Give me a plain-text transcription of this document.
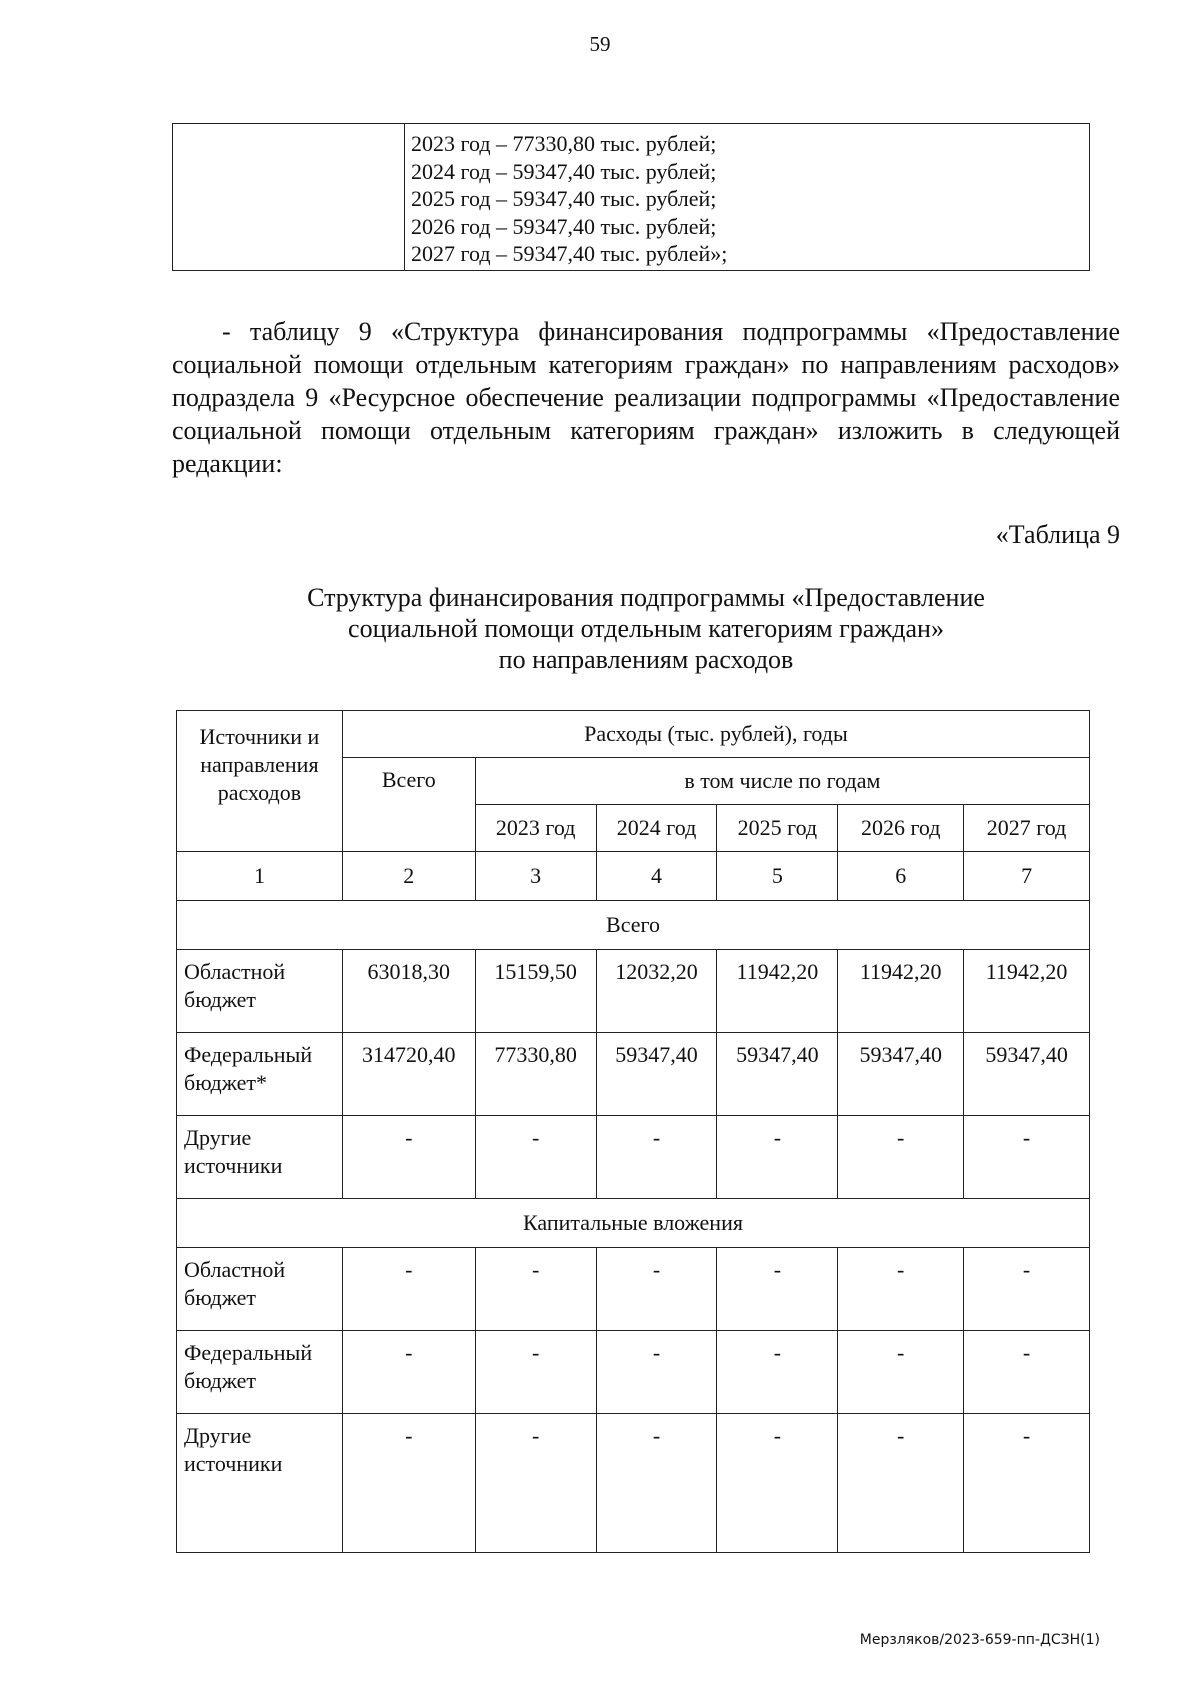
59

2023 год – 77330,80 тыс. рублей;
2024 год – 59347,40 тыс. рублей;
2025 год – 59347,40 тыс. рублей;
2026 год – 59347,40 тыс. рублей;
2027 год – 59347,40 тыс. рублей»;
- таблицу 9 «Структура финансирования подпрограммы «Предоставление социальной помощи отдельным категориям граждан» по направлениям расходов» подраздела 9 «Ресурсное обеспечение реализации подпрограммы «Предоставление социальной помощи отдельным категориям граждан» изложить в следующей редакции:
«Таблица 9
Структура финансирования подпрограммы «Предоставление
социальной помощи отдельным категориям граждан»
по направлениям расходов
Источники и направления расходов	Расходы (тыс. рублей), годы					
	Всего	в том числе по годам				
		2023 год	2024 год	2025 год	2026 год	2027 год
1	2	3	4	5	6	7
Всего						
Областной бюджет	63018,30	15159,50	12032,20	11942,20	11942,20	11942,20
Федеральный бюджет*	314720,40	77330,80	59347,40	59347,40	59347,40	59347,40
Другие источники	-	-	-	-	-	-
Капитальные вложения						
Областной бюджет	-	-	-	-	-	-
Федеральный бюджет	-	-	-	-	-	-
Другие источники	-	-	-	-	-	-
Мерзляков/2023-659-пп-ДСЗН(1)
